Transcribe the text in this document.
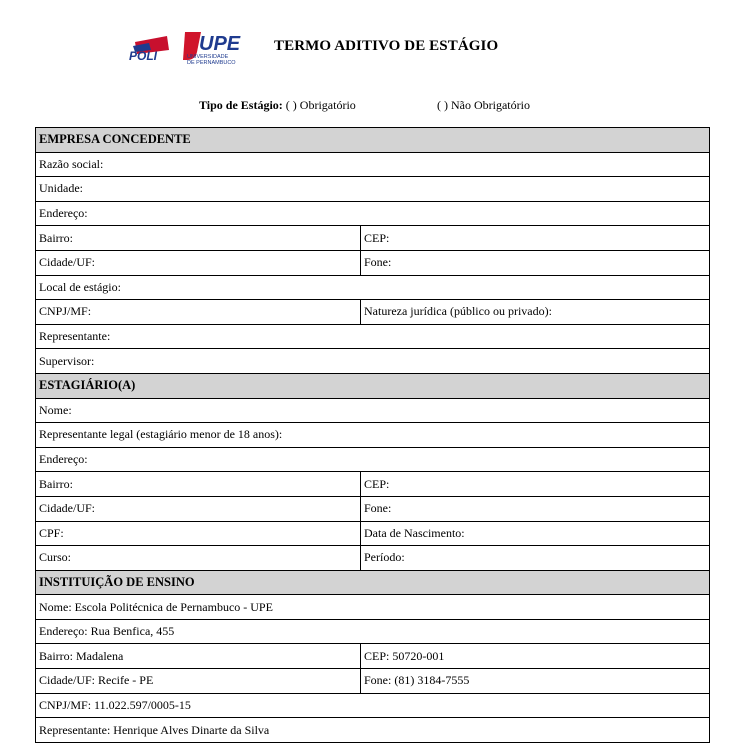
POLI
UPE
UNIVERSIDADE
DE PERNAMBUCO
TERMO ADITIVO DE ESTÁGIO
Tipo de Estágio: ( ) Obrigatório	( ) Não Obrigatório
EMPRESA CONCEDENTE	
Razão social:	
Unidade:	
Endereço:	
Bairro:	CEP:
Cidade/UF:	Fone:
Local de estágio:	
CNPJ/MF:	Natureza jurídica (público ou privado):
Representante:	
Supervisor:	
ESTAGIÁRIO(A)	
Nome:	
Representante legal (estagiário menor de 18 anos):	
Endereço:	
Bairro:	CEP:
Cidade/UF:	Fone:
CPF:	Data de Nascimento:
Curso:	Período:
INSTITUIÇÃO DE ENSINO	
Nome: Escola Politécnica de Pernambuco - UPE	
Endereço: Rua Benfica, 455	
Bairro: Madalena	CEP: 50720-001
Cidade/UF: Recife - PE	Fone: (81) 3184-7555
CNPJ/MF: 11.022.597/0005-15	
Representante: Henrique Alves Dinarte da Silva	
